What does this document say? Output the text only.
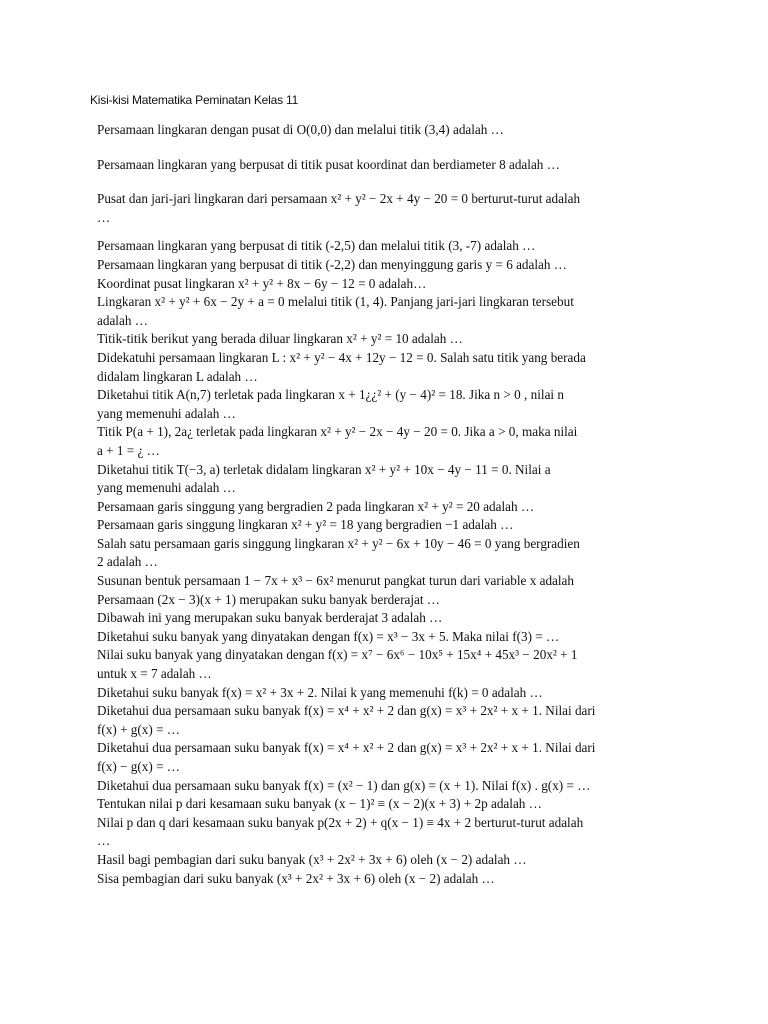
Kisi-kisi Matematika Peminatan Kelas 11
Persamaan lingkaran dengan pusat di O(0,0) dan melalui titik (3,4) adalah …
Persamaan lingkaran yang berpusat di titik pusat koordinat dan berdiameter 8 adalah …
Pusat dan jari-jari lingkaran dari persamaan x² + y² − 2x + 4y − 20 = 0 berturut-turut adalah
…
Persamaan lingkaran yang berpusat di titik (-2,5) dan melalui titik (3, -7) adalah …
Persamaan lingkaran yang berpusat di titik (-2,2) dan menyinggung garis y = 6 adalah …
Koordinat pusat lingkaran x² + y² + 8x − 6y − 12 = 0 adalah…
Lingkaran x² + y² + 6x − 2y + a = 0 melalui titik (1, 4). Panjang jari-jari lingkaran tersebut
adalah …
Titik-titik berikut yang berada diluar lingkaran x² + y² = 10 adalah …
Didekatuhi persamaan lingkaran L : x² + y² − 4x + 12y − 12 = 0. Salah satu titik yang berada
didalam lingkaran L adalah …
Diketahui titik A(n,7) terletak pada lingkaran x + 1¿¿² + (y − 4)² = 18. Jika n > 0 , nilai n
yang memenuhi adalah …
Titik P(a + 1), 2a¿ terletak pada lingkaran x² + y² − 2x − 4y − 20 = 0. Jika a > 0, maka nilai
a + 1 = ¿ …
Diketahui titik T(−3, a) terletak didalam lingkaran x² + y² + 10x − 4y − 11 = 0. Nilai a
yang memenuhi adalah …
Persamaan garis singgung yang bergradien 2 pada lingkaran x² + y² = 20 adalah …
Persamaan garis singgung lingkaran x² + y² = 18 yang bergradien −1 adalah …
Salah satu persamaan garis singgung lingkaran x² + y² − 6x + 10y − 46 = 0 yang bergradien
2 adalah …
Susunan bentuk persamaan 1 − 7x + x³ − 6x² menurut pangkat turun dari variable x adalah
Persamaan (2x − 3)(x + 1) merupakan suku banyak berderajat …
Dibawah ini yang merupakan suku banyak berderajat 3 adalah …
Diketahui suku banyak yang dinyatakan dengan f(x) = x³ − 3x + 5. Maka nilai f(3) = …
Nilai suku banyak yang dinyatakan dengan f(x) = x⁷ − 6x⁶ − 10x⁵ + 15x⁴ + 45x³ − 20x² + 1
untuk x = 7 adalah …
Diketahui suku banyak f(x) = x² + 3x + 2. Nilai k yang memenuhi f(k) = 0 adalah …
Diketahui dua persamaan suku banyak f(x) = x⁴ + x² + 2 dan g(x) = x³ + 2x² + x + 1. Nilai dari
f(x) + g(x) = …
Diketahui dua persamaan suku banyak f(x) = x⁴ + x² + 2 dan g(x) = x³ + 2x² + x + 1. Nilai dari
f(x) − g(x) = …
Diketahui dua persamaan suku banyak f(x) = (x² − 1) dan g(x) = (x + 1). Nilai f(x) . g(x) = …
Tentukan nilai p dari kesamaan suku banyak (x − 1)² ≡ (x − 2)(x + 3) + 2p adalah …
Nilai p dan q dari kesamaan suku banyak p(2x + 2) + q(x − 1) ≡ 4x + 2 berturut-turut adalah
…
Hasil bagi pembagian dari suku banyak (x³ + 2x² + 3x + 6) oleh (x − 2) adalah …
Sisa pembagian dari suku banyak (x³ + 2x² + 3x + 6) oleh (x − 2) adalah …
